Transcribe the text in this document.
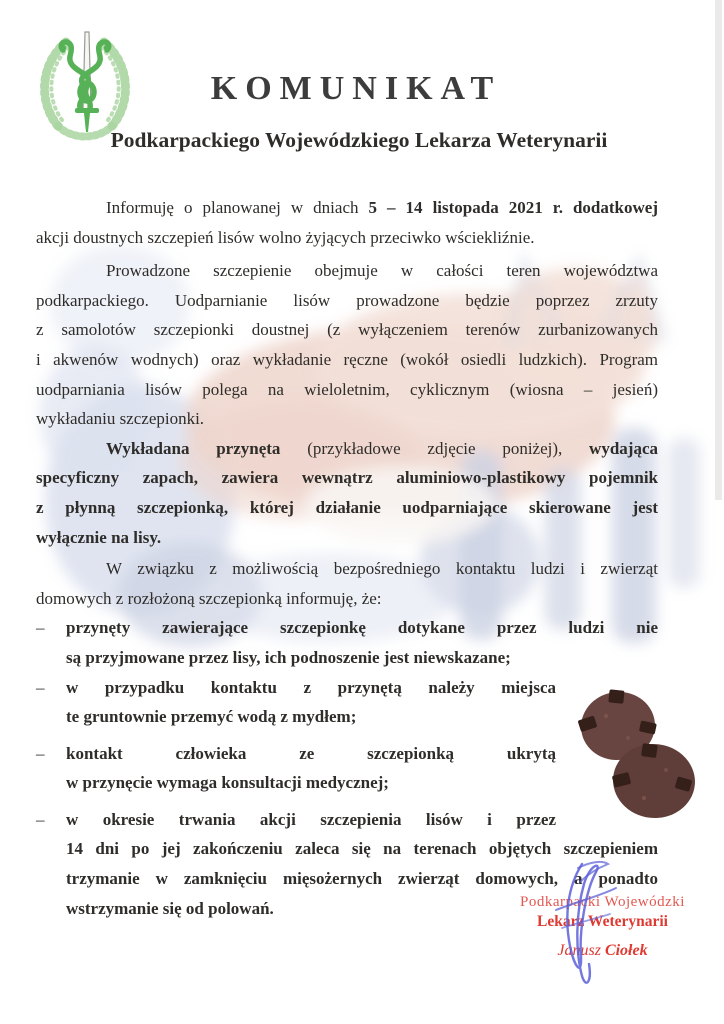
KOMUNIKAT
Podkarpackiego Wojewódzkiego Lekarza Weterynarii

Informuję o planowanej w dniach 5 – 14 listopada 2021 r. dodatkowej
akcji doustnych szczepień lisów wolno żyjących przeciwko wściekliźnie.

Prowadzone szczepienie obejmuje w całości teren województwa
podkarpackiego. Uodparnianie lisów prowadzone będzie poprzez zrzuty
z samolotów szczepionki doustnej (z wyłączeniem terenów zurbanizowanych
i akwenów wodnych) oraz wykładanie ręczne (wokół osiedli ludzkich). Program
uodparniania lisów polega na wieloletnim, cyklicznym (wiosna – jesień)
wykładaniu szczepionki.

Wykładana przynęta (przykładowe zdjęcie poniżej), wydająca
specyficzny zapach, zawiera wewnątrz aluminiowo-plastikowy pojemnik
z płynną szczepionką, której działanie uodparniające skierowane jest
wyłącznie na lisy.

W związku z możliwością bezpośredniego kontaktu ludzi i zwierząt
domowych z rozłożoną szczepionką informuję, że:

– przynęty zawierające szczepionkę dotykane przez ludzi nie
są przyjmowane przez lisy, ich podnoszenie jest niewskazane;
– w przypadku kontaktu z przynętą należy miejsca
te gruntownie przemyć wodą z mydłem;
– kontakt człowieka ze szczepionką ukrytą
w przynęcie wymaga konsultacji medycznej;
– w okresie trwania akcji szczepienia lisów i przez
14 dni po jej zakończeniu zaleca się na terenach objętych szczepieniem
trzymanie w zamknięciu mięsożernych zwierząt domowych, a ponadto
wstrzymanie się od polowań.	Podkarpacki Wojewódzki
Lekarz Weterynarii
Janusz Ciołek
